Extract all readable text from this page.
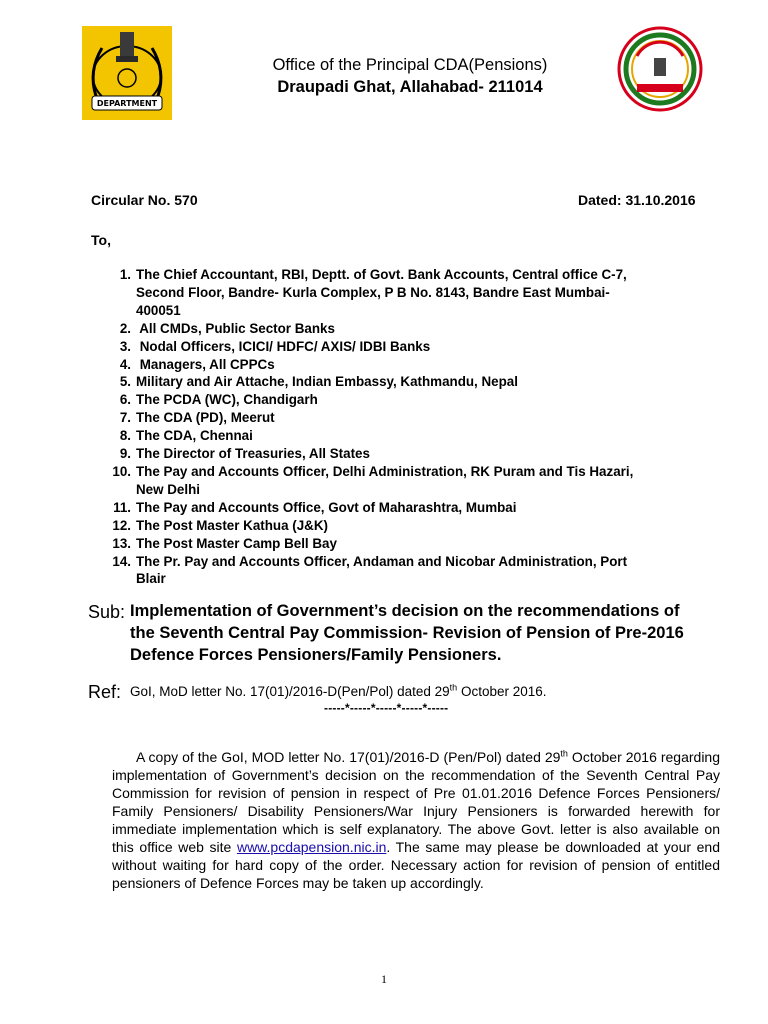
DEPARTMENT
Office of the Principal CDA(Pensions)
Draupadi Ghat, Allahabad- 211014
Circular No. 570	Dated: 31.10.2016
To,
1. The Chief Accountant, RBI, Deptt. of Govt. Bank Accounts, Central office C-7,
Second Floor, Bandre- Kurla Complex, P B No. 8143, Bandre East Mumbai-
400051
2. All CMDs, Public Sector Banks
3. Nodal Officers, ICICI/ HDFC/ AXIS/ IDBI Banks
4. Managers, All CPPCs
5. Military and Air Attache, Indian Embassy, Kathmandu, Nepal
6. The PCDA (WC), Chandigarh
7. The CDA (PD), Meerut
8. The CDA, Chennai
9. The Director of Treasuries, All States
10. The Pay and Accounts Officer, Delhi Administration, RK Puram and Tis Hazari,
New Delhi
11. The Pay and Accounts Office, Govt of Maharashtra, Mumbai
12. The Post Master Kathua (J&K)
13. The Post Master Camp Bell Bay
14. The Pr. Pay and Accounts Officer, Andaman and Nicobar Administration, Port
Blair
Sub: Implementation of Government’s decision on the recommendations of
the Seventh Central Pay Commission- Revision of Pension of Pre-2016
Defence Forces Pensioners/Family Pensioners.
Ref: GoI, MoD letter No. 17(01)/2016-D(Pen/Pol) dated 29th October 2016.
-----*-----*-----*-----*-----
A copy of the GoI, MOD letter No. 17(01)/2016-D (Pen/Pol) dated 29th October 2016 regarding implementation of Government’s decision on the recommendation of the Seventh Central Pay Commission for revision of pension in respect of Pre 01.01.2016 Defence Forces Pensioners/ Family Pensioners/ Disability Pensioners/War Injury Pensioners is forwarded herewith for immediate implementation which is self explanatory. The above Govt. letter is also available on this office web site www.pcdapension.nic.in. The same may please be downloaded at your end without waiting for hard copy of the order. Necessary action for revision of pension of entitled pensioners of Defence Forces may be taken up accordingly.
1
